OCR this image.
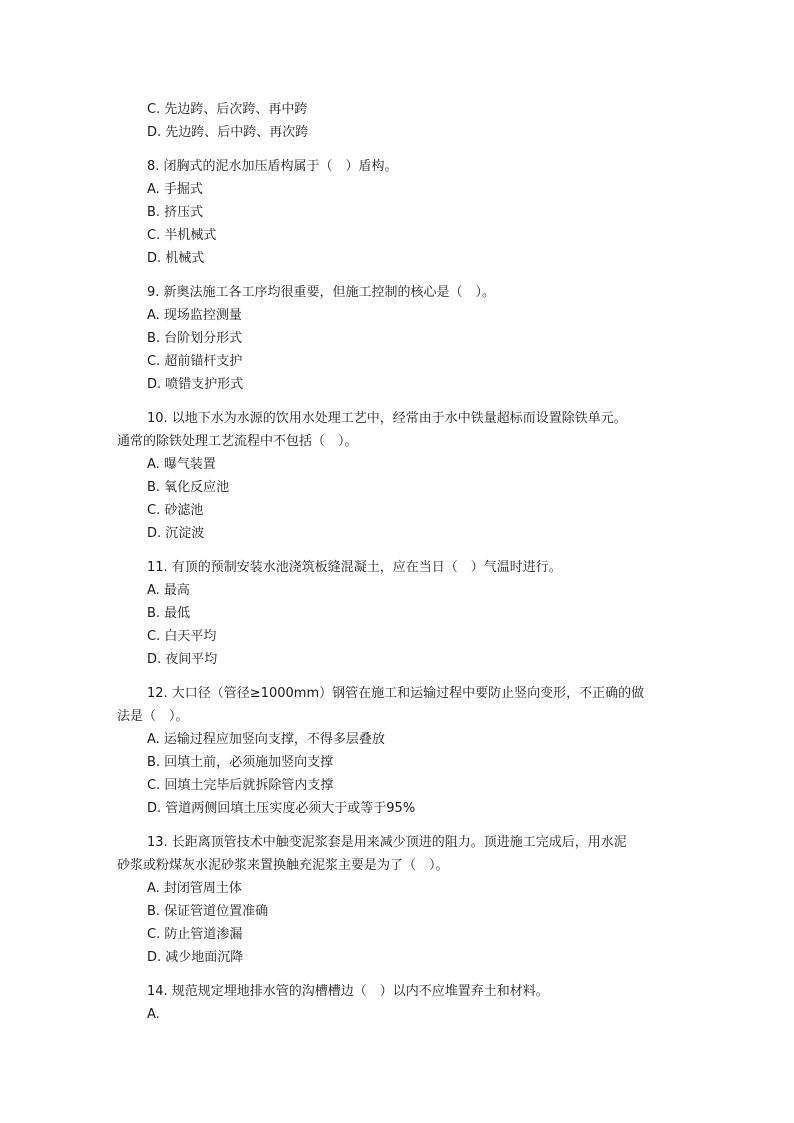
C. 先边跨、后次跨、再中跨
D. 先边跨、后中跨、再次跨
8. 闭胸式的泥水加压盾构属于（　）盾构。
A. 手掘式
B. 挤压式
C. 半机械式
D. 机械式
9. 新奥法施工各工序均很重要，但施工控制的核心是（　）。
A. 现场监控测量
B. 台阶划分形式
C. 超前锚杆支护
D. 喷错支护形式
10. 以地下水为水源的饮用水处理工艺中，经常由于水中铁量超标而设置除铁单元。
通常的除铁处理工艺流程中不包括（　）。
A. 曝气装置
B. 氧化反应池
C. 砂滤池
D. 沉淀波
11. 有顶的预制安装水池浇筑板缝混凝土，应在当日（　）气温时进行。
A. 最高
B. 最低
C. 白天平均
D. 夜间平均
12. 大口径（管径≥1000mm）钢管在施工和运输过程中要防止竖向变形，不正确的做
法是（　）。
A. 运输过程应加竖向支撑，不得多层叠放
B. 回填土前，必须施加竖向支撑
C. 回填土完毕后就拆除管内支撑
D. 管道两侧回填土压实度必须大于或等于95%
13. 长距离顶管技术中触变泥浆套是用来减少顶进的阻力。顶进施工完成后，用水泥
砂浆或粉煤灰水泥砂浆来置换触充泥浆主要是为了（　）。
A. 封闭管周土体
B. 保证管道位置准确
C. 防止管道渗漏
D. 减少地面沉降
14. 规范规定埋地排水管的沟槽槽边（　）以内不应堆置弃土和材料。
A.
